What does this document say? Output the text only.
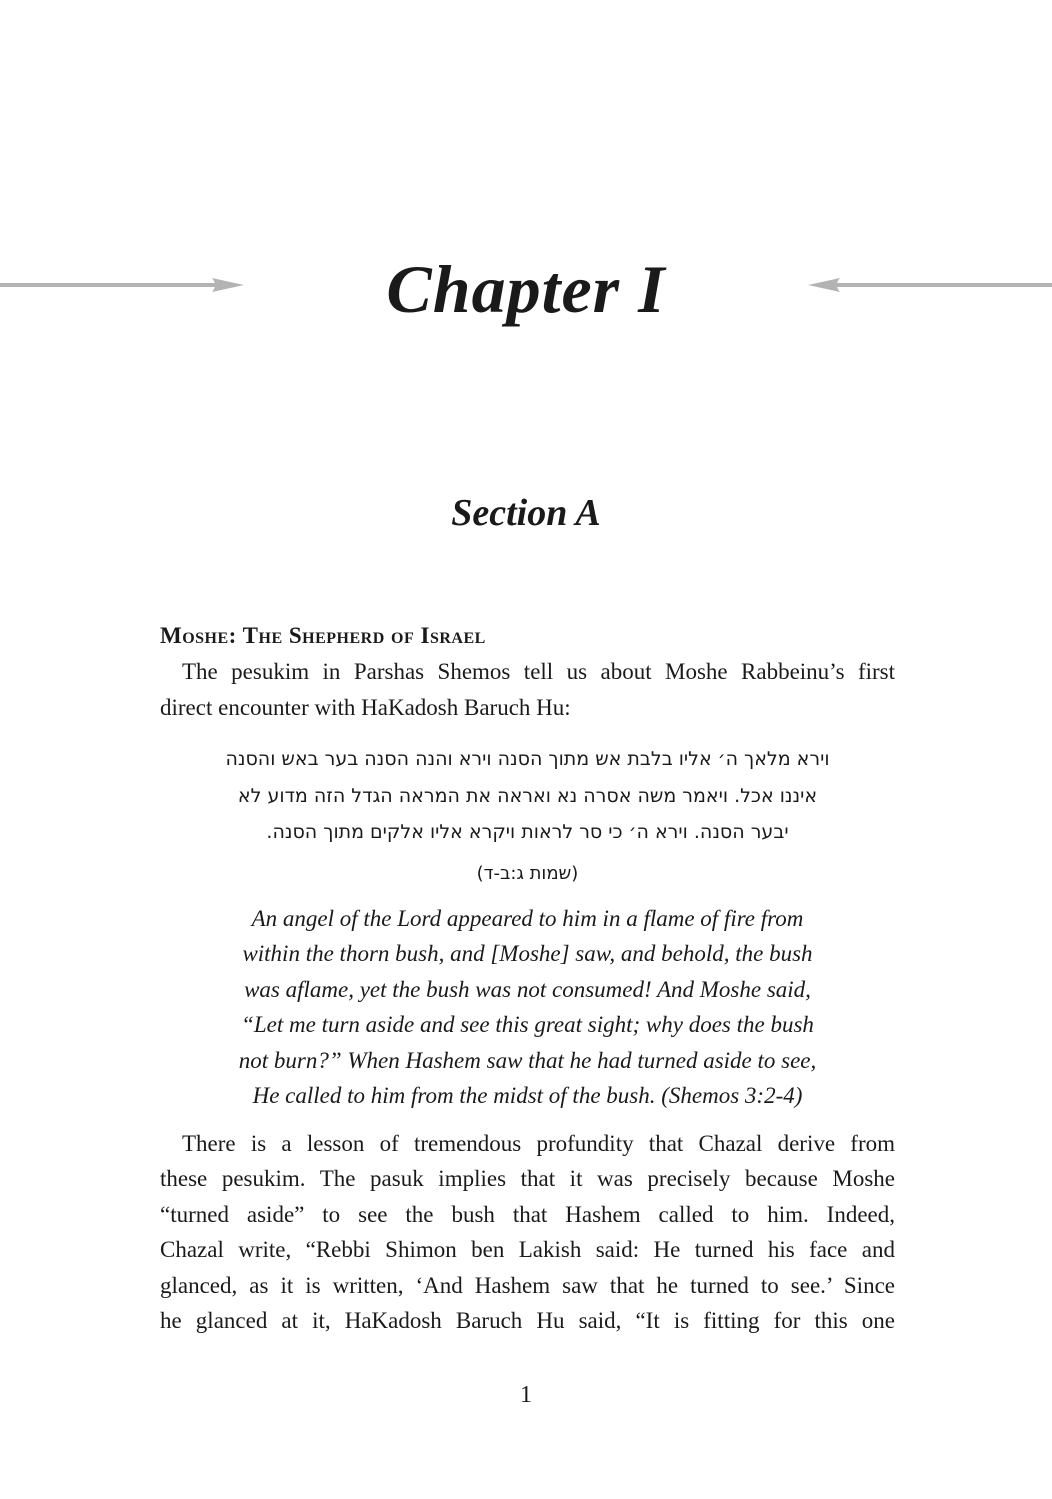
Chapter I
Section A
Moshe: The Shepherd of Israel

The pesukim in Parshas Shemos tell us about Moshe Rabbeinu’s first
direct encounter with HaKadosh Baruch Hu:

וירא מלאך ה׳ אליו בלבת אש מתוך הסנה וירא והנה הסנה בער באש והסנה
איננו אכל. ויאמר משה אסרה נא ואראה את המראה הגדל הזה מדוע לא
יבער הסנה. וירא ה׳ כי סר לראות ויקרא אליו אלקים מתוך הסנה.

(שמות ג:ב-ד)

An angel of the Lord appeared to him in a flame of fire from
within the thorn bush, and [Moshe] saw, and behold, the bush
was aflame, yet the bush was not consumed! And Moshe said,
“Let me turn aside and see this great sight; why does the bush
not burn?” When Hashem saw that he had turned aside to see,
He called to him from the midst of the bush. (Shemos 3:2-4)

There is a lesson of tremendous profundity that Chazal derive from
these pesukim. The pasuk implies that it was precisely because Moshe
“turned aside” to see the bush that Hashem called to him. Indeed,
Chazal write, “Rebbi Shimon ben Lakish said: He turned his face and
glanced, as it is written, ‘And Hashem saw that he turned to see.’ Since
he glanced at it, HaKadosh Baruch Hu said, “It is fitting for this one

1
